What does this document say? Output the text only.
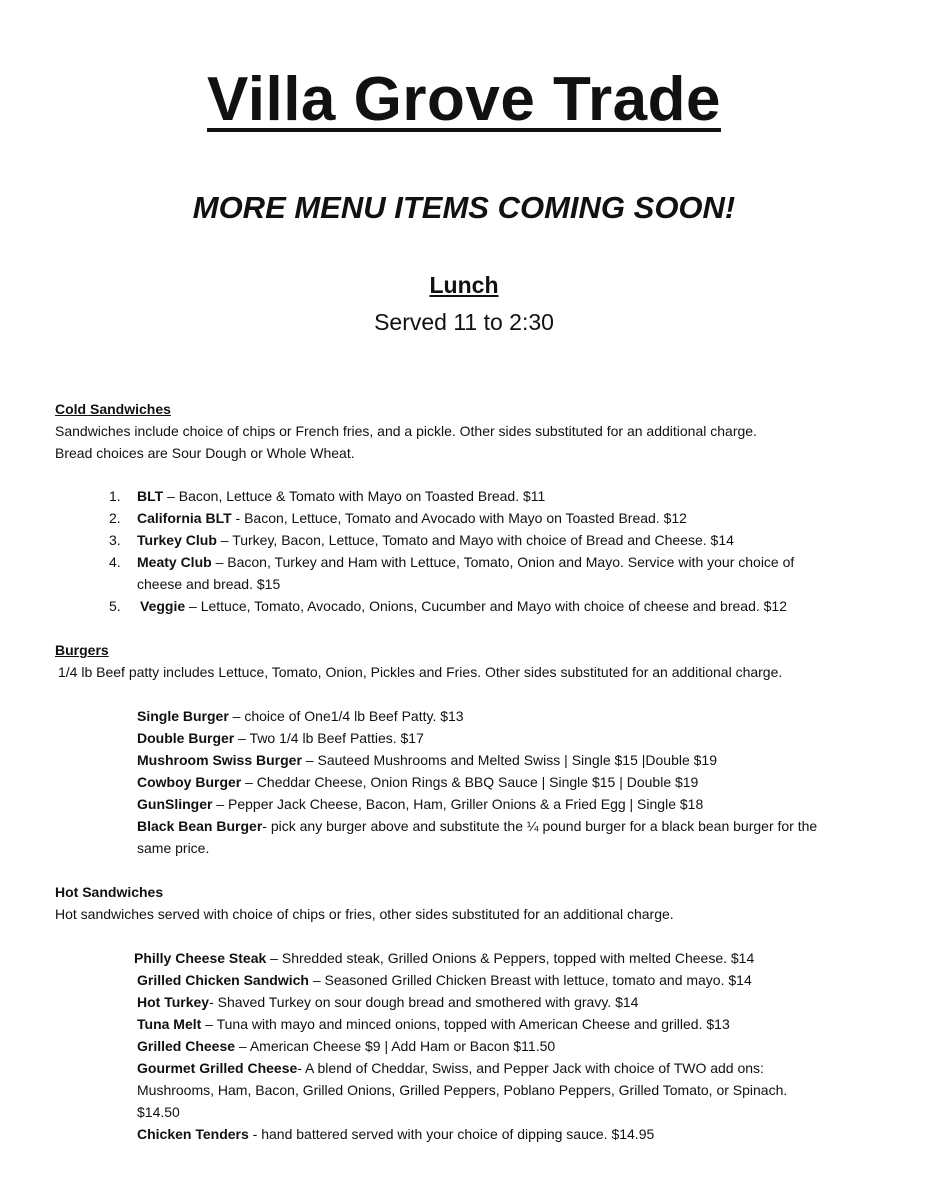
Villa Grove Trade
MORE MENU ITEMS COMING SOON!
Lunch
Served 11 to 2:30
Cold Sandwiches
Sandwiches include choice of chips or French fries, and a pickle. Other sides substituted for an additional charge.
Bread choices are Sour Dough or Whole Wheat.
1. BLT – Bacon, Lettuce & Tomato with Mayo on Toasted Bread. $11
2. California BLT - Bacon, Lettuce, Tomato and Avocado with Mayo on Toasted Bread. $12
3. Turkey Club – Turkey, Bacon, Lettuce, Tomato and Mayo with choice of Bread and Cheese. $14
4. Meaty Club – Bacon, Turkey and Ham with Lettuce, Tomato, Onion and Mayo. Service with your choice of
cheese and bread. $15
5. Veggie – Lettuce, Tomato, Avocado, Onions, Cucumber and Mayo with choice of cheese and bread. $12
Burgers
1/4 lb Beef patty includes Lettuce, Tomato, Onion, Pickles and Fries. Other sides substituted for an additional charge.
Single Burger – choice of One1/4 lb Beef Patty. $13
Double Burger – Two 1/4 lb Beef Patties. $17
Mushroom Swiss Burger – Sauteed Mushrooms and Melted Swiss | Single $15 |Double $19
Cowboy Burger – Cheddar Cheese, Onion Rings & BBQ Sauce | Single $15 | Double $19
GunSlinger – Pepper Jack Cheese, Bacon, Ham, Griller Onions & a Fried Egg | Single $18
Black Bean Burger- pick any burger above and substitute the ¼ pound burger for a black bean burger for the
same price.
Hot Sandwiches
Hot sandwiches served with choice of chips or fries, other sides substituted for an additional charge.
Philly Cheese Steak – Shredded steak, Grilled Onions & Peppers, topped with melted Cheese. $14
Grilled Chicken Sandwich – Seasoned Grilled Chicken Breast with lettuce, tomato and mayo. $14
Hot Turkey- Shaved Turkey on sour dough bread and smothered with gravy. $14
Tuna Melt – Tuna with mayo and minced onions, topped with American Cheese and grilled. $13
Grilled Cheese – American Cheese $9 | Add Ham or Bacon $11.50
Gourmet Grilled Cheese- A blend of Cheddar, Swiss, and Pepper Jack with choice of TWO add ons:
Mushrooms, Ham, Bacon, Grilled Onions, Grilled Peppers, Poblano Peppers, Grilled Tomato, or Spinach.
$14.50
Chicken Tenders - hand battered served with your choice of dipping sauce. $14.95
